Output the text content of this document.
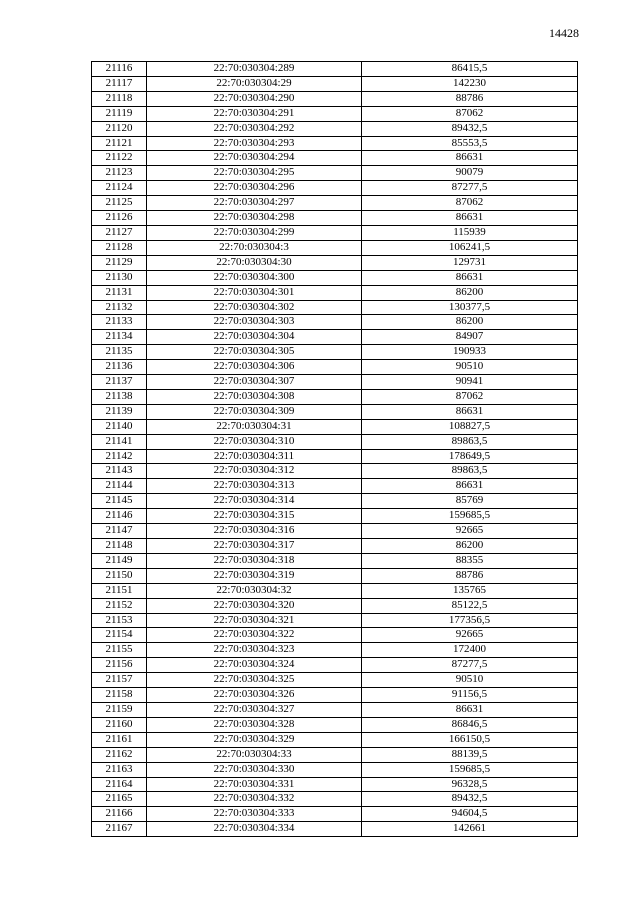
14428
21116	22:70:030304:289	86415,5
21117	22:70:030304:29	142230
21118	22:70:030304:290	88786
21119	22:70:030304:291	87062
21120	22:70:030304:292	89432,5
21121	22:70:030304:293	85553,5
21122	22:70:030304:294	86631
21123	22:70:030304:295	90079
21124	22:70:030304:296	87277,5
21125	22:70:030304:297	87062
21126	22:70:030304:298	86631
21127	22:70:030304:299	115939
21128	22:70:030304:3	106241,5
21129	22:70:030304:30	129731
21130	22:70:030304:300	86631
21131	22:70:030304:301	86200
21132	22:70:030304:302	130377,5
21133	22:70:030304:303	86200
21134	22:70:030304:304	84907
21135	22:70:030304:305	190933
21136	22:70:030304:306	90510
21137	22:70:030304:307	90941
21138	22:70:030304:308	87062
21139	22:70:030304:309	86631
21140	22:70:030304:31	108827,5
21141	22:70:030304:310	89863,5
21142	22:70:030304:311	178649,5
21143	22:70:030304:312	89863,5
21144	22:70:030304:313	86631
21145	22:70:030304:314	85769
21146	22:70:030304:315	159685,5
21147	22:70:030304:316	92665
21148	22:70:030304:317	86200
21149	22:70:030304:318	88355
21150	22:70:030304:319	88786
21151	22:70:030304:32	135765
21152	22:70:030304:320	85122,5
21153	22:70:030304:321	177356,5
21154	22:70:030304:322	92665
21155	22:70:030304:323	172400
21156	22:70:030304:324	87277,5
21157	22:70:030304:325	90510
21158	22:70:030304:326	91156,5
21159	22:70:030304:327	86631
21160	22:70:030304:328	86846,5
21161	22:70:030304:329	166150,5
21162	22:70:030304:33	88139,5
21163	22:70:030304:330	159685,5
21164	22:70:030304:331	96328,5
21165	22:70:030304:332	89432,5
21166	22:70:030304:333	94604,5
21167	22:70:030304:334	142661
